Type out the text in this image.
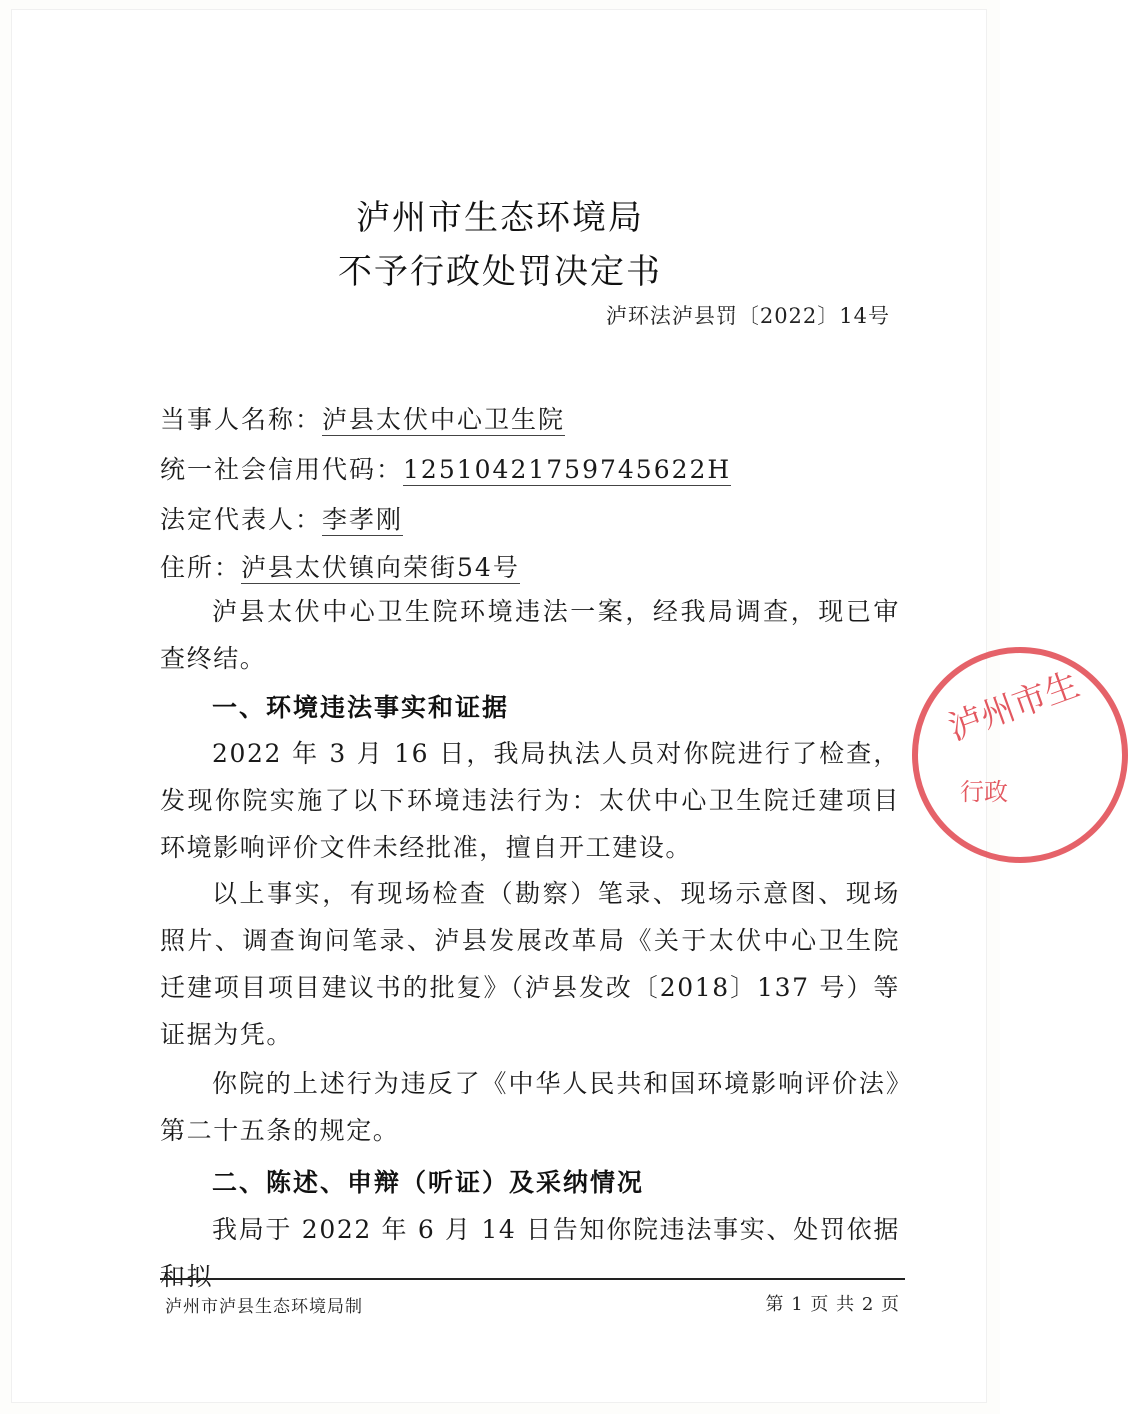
泸州市生态环境局
不予行政处罚决定书
泸环法泸县罚〔2022〕14号
当事人名称：泸县太伏中心卫生院
统一社会信用代码：12510421759745622H
法定代表人：李孝刚
住所：泸县太伏镇向荣街54号
泸县太伏中心卫生院环境违法一案，经我局调查，现已审查终结。
一、环境违法事实和证据
2022 年 3 月 16 日，我局执法人员对你院进行了检查，发现你院实施了以下环境违法行为：太伏中心卫生院迁建项目环境影响评价文件未经批准，擅自开工建设。
以上事实，有现场检查（勘察）笔录、现场示意图、现场照片、调查询问笔录、泸县发展改革局《关于太伏中心卫生院迁建项目项目建议书的批复》（泸县发改〔2018〕137 号）等证据为凭。
你院的上述行为违反了《中华人民共和国环境影响评价法》第二十五条的规定。
二、陈述、申辩（听证）及采纳情况
我局于 2022 年 6 月 14 日告知你院违法事实、处罚依据和拟
泸州市生
行政
泸州市泸县生态环境局制	第 1 页 共 2 页
